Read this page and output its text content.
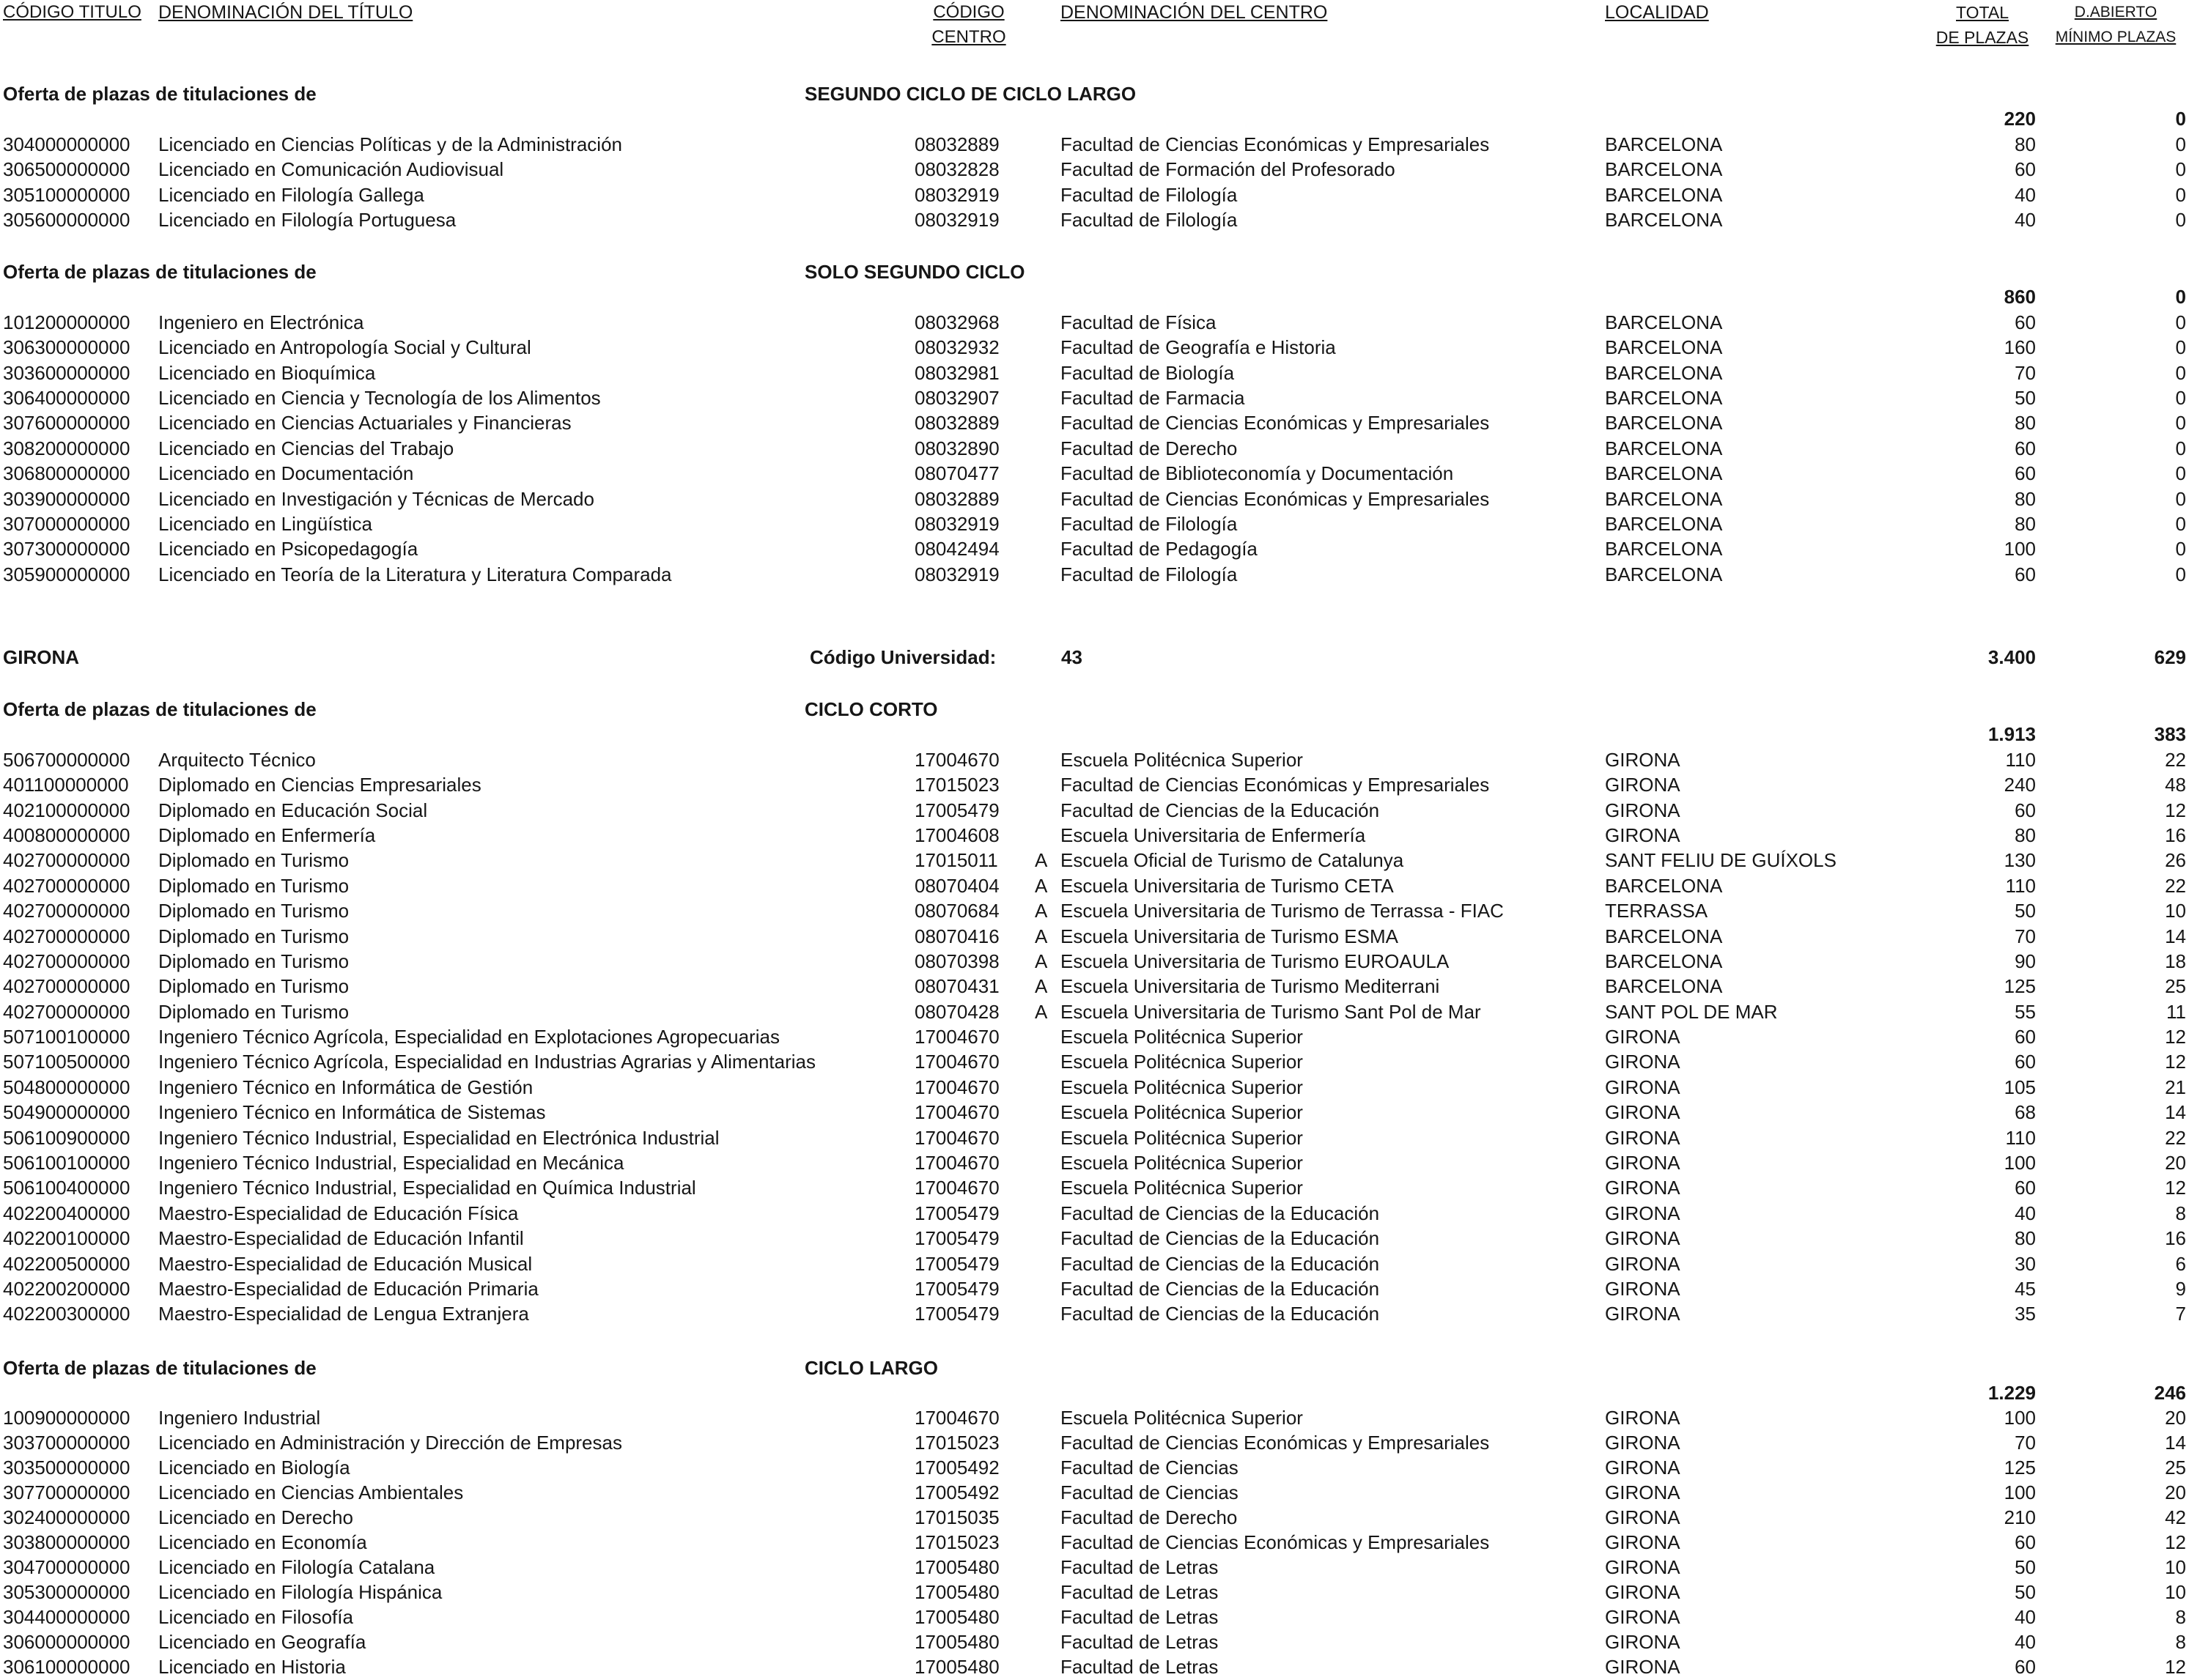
CÓDIGO TITULO DENOMINACIÓN DEL TÍTULO	CÓDIGO
CENTRO
DENOMINACIÓN DEL CENTRO	LOCALIDAD	TOTAL
DE PLAZAS
D.ABIERTO
MÍNIMO PLAZAS
Oferta de plazas de titulaciones de	SEGUNDO CICLO DE CICLO LARGO
220	0
304000000000 Licenciado en Ciencias Políticas y de la Administración	08032889	Facultad de Ciencias Económicas y Empresariales	BARCELONA	80	0
306500000000 Licenciado en Comunicación Audiovisual	08032828	Facultad de Formación del Profesorado	BARCELONA	60	0
305100000000 Licenciado en Filología Gallega	08032919	Facultad de Filología	BARCELONA	40	0
305600000000 Licenciado en Filología Portuguesa	08032919	Facultad de Filología	BARCELONA	40	0
Oferta de plazas de titulaciones de	SOLO SEGUNDO CICLO
860	0
101200000000 Ingeniero en Electrónica	08032968	Facultad de Física	BARCELONA	60	0
306300000000 Licenciado en Antropología Social y Cultural	08032932	Facultad de Geografía e Historia	BARCELONA	160	0
303600000000 Licenciado en Bioquímica	08032981	Facultad de Biología	BARCELONA	70	0
306400000000 Licenciado en Ciencia y Tecnología de los Alimentos	08032907	Facultad de Farmacia	BARCELONA	50	0
307600000000 Licenciado en Ciencias Actuariales y Financieras	08032889	Facultad de Ciencias Económicas y Empresariales	BARCELONA	80	0
308200000000 Licenciado en Ciencias del Trabajo	08032890	Facultad de Derecho	BARCELONA	60	0
306800000000 Licenciado en Documentación	08070477	Facultad de Biblioteconomía y Documentación	BARCELONA	60	0
303900000000 Licenciado en Investigación y Técnicas de Mercado	08032889	Facultad de Ciencias Económicas y Empresariales	BARCELONA	80	0
307000000000 Licenciado en Lingüística	08032919	Facultad de Filología	BARCELONA	80	0
307300000000 Licenciado en Psicopedagogía	08042494	Facultad de Pedagogía	BARCELONA	100	0
305900000000 Licenciado en Teoría de la Literatura y Literatura Comparada	08032919	Facultad de Filología	BARCELONA	60	0
GIRONA	Código Universidad:	43	3.400	629
Oferta de plazas de titulaciones de	CICLO CORTO
1.913	383
506700000000 Arquitecto Técnico	17004670	Escuela Politécnica Superior	GIRONA	110	22
401100000000 Diplomado en Ciencias Empresariales	17015023	Facultad de Ciencias Económicas y Empresariales	GIRONA	240	48
402100000000 Diplomado en Educación Social	17005479	Facultad de Ciencias de la Educación	GIRONA	60	12
400800000000 Diplomado en Enfermería	17004608	Escuela Universitaria de Enfermería	GIRONA	80	16
402700000000 Diplomado en Turismo	17015011 A Escuela Oficial de Turismo de Catalunya	SANT FELIU DE GUÍXOLS	130	26
402700000000 Diplomado en Turismo	08070404 A Escuela Universitaria de Turismo CETA	BARCELONA	110	22
402700000000 Diplomado en Turismo	08070684 A Escuela Universitaria de Turismo de Terrassa - FIAC	TERRASSA	50	10
402700000000 Diplomado en Turismo	08070416 A Escuela Universitaria de Turismo ESMA	BARCELONA	70	14
402700000000 Diplomado en Turismo	08070398 A Escuela Universitaria de Turismo EUROAULA	BARCELONA	90	18
402700000000 Diplomado en Turismo	08070431 A Escuela Universitaria de Turismo Mediterrani	BARCELONA	125	25
402700000000 Diplomado en Turismo	08070428 A Escuela Universitaria de Turismo Sant Pol de Mar	SANT POL DE MAR	55	11
507100100000 Ingeniero Técnico Agrícola, Especialidad en Explotaciones Agropecuarias	17004670	Escuela Politécnica Superior	GIRONA	60	12
507100500000 Ingeniero Técnico Agrícola, Especialidad en Industrias Agrarias y Alimentarias	17004670	Escuela Politécnica Superior	GIRONA	60	12
504800000000 Ingeniero Técnico en Informática de Gestión	17004670	Escuela Politécnica Superior	GIRONA	105	21
504900000000 Ingeniero Técnico en Informática de Sistemas	17004670	Escuela Politécnica Superior	GIRONA	68	14
506100900000 Ingeniero Técnico Industrial, Especialidad en Electrónica Industrial	17004670	Escuela Politécnica Superior	GIRONA	110	22
506100100000 Ingeniero Técnico Industrial, Especialidad en Mecánica	17004670	Escuela Politécnica Superior	GIRONA	100	20
506100400000 Ingeniero Técnico Industrial, Especialidad en Química Industrial	17004670	Escuela Politécnica Superior	GIRONA	60	12
402200400000 Maestro-Especialidad de Educación Física	17005479	Facultad de Ciencias de la Educación	GIRONA	40	8
402200100000 Maestro-Especialidad de Educación Infantil	17005479	Facultad de Ciencias de la Educación	GIRONA	80	16
402200500000 Maestro-Especialidad de Educación Musical	17005479	Facultad de Ciencias de la Educación	GIRONA	30	6
402200200000 Maestro-Especialidad de Educación Primaria	17005479	Facultad de Ciencias de la Educación	GIRONA	45	9
402200300000 Maestro-Especialidad de Lengua Extranjera	17005479	Facultad de Ciencias de la Educación	GIRONA	35	7
Oferta de plazas de titulaciones de	CICLO LARGO
1.229	246
100900000000 Ingeniero Industrial	17004670	Escuela Politécnica Superior	GIRONA	100	20
303700000000 Licenciado en Administración y Dirección de Empresas	17015023	Facultad de Ciencias Económicas y Empresariales	GIRONA	70	14
303500000000 Licenciado en Biología	17005492	Facultad de Ciencias	GIRONA	125	25
307700000000 Licenciado en Ciencias Ambientales	17005492	Facultad de Ciencias	GIRONA	100	20
302400000000 Licenciado en Derecho	17015035	Facultad de Derecho	GIRONA	210	42
303800000000 Licenciado en Economía	17015023	Facultad de Ciencias Económicas y Empresariales	GIRONA	60	12
304700000000 Licenciado en Filología Catalana	17005480	Facultad de Letras	GIRONA	50	10
305300000000 Licenciado en Filología Hispánica	17005480	Facultad de Letras	GIRONA	50	10
304400000000 Licenciado en Filosofía	17005480	Facultad de Letras	GIRONA	40	8
306000000000 Licenciado en Geografía	17005480	Facultad de Letras	GIRONA	40	8
306100000000 Licenciado en Historia	17005480	Facultad de Letras	GIRONA	60	12
